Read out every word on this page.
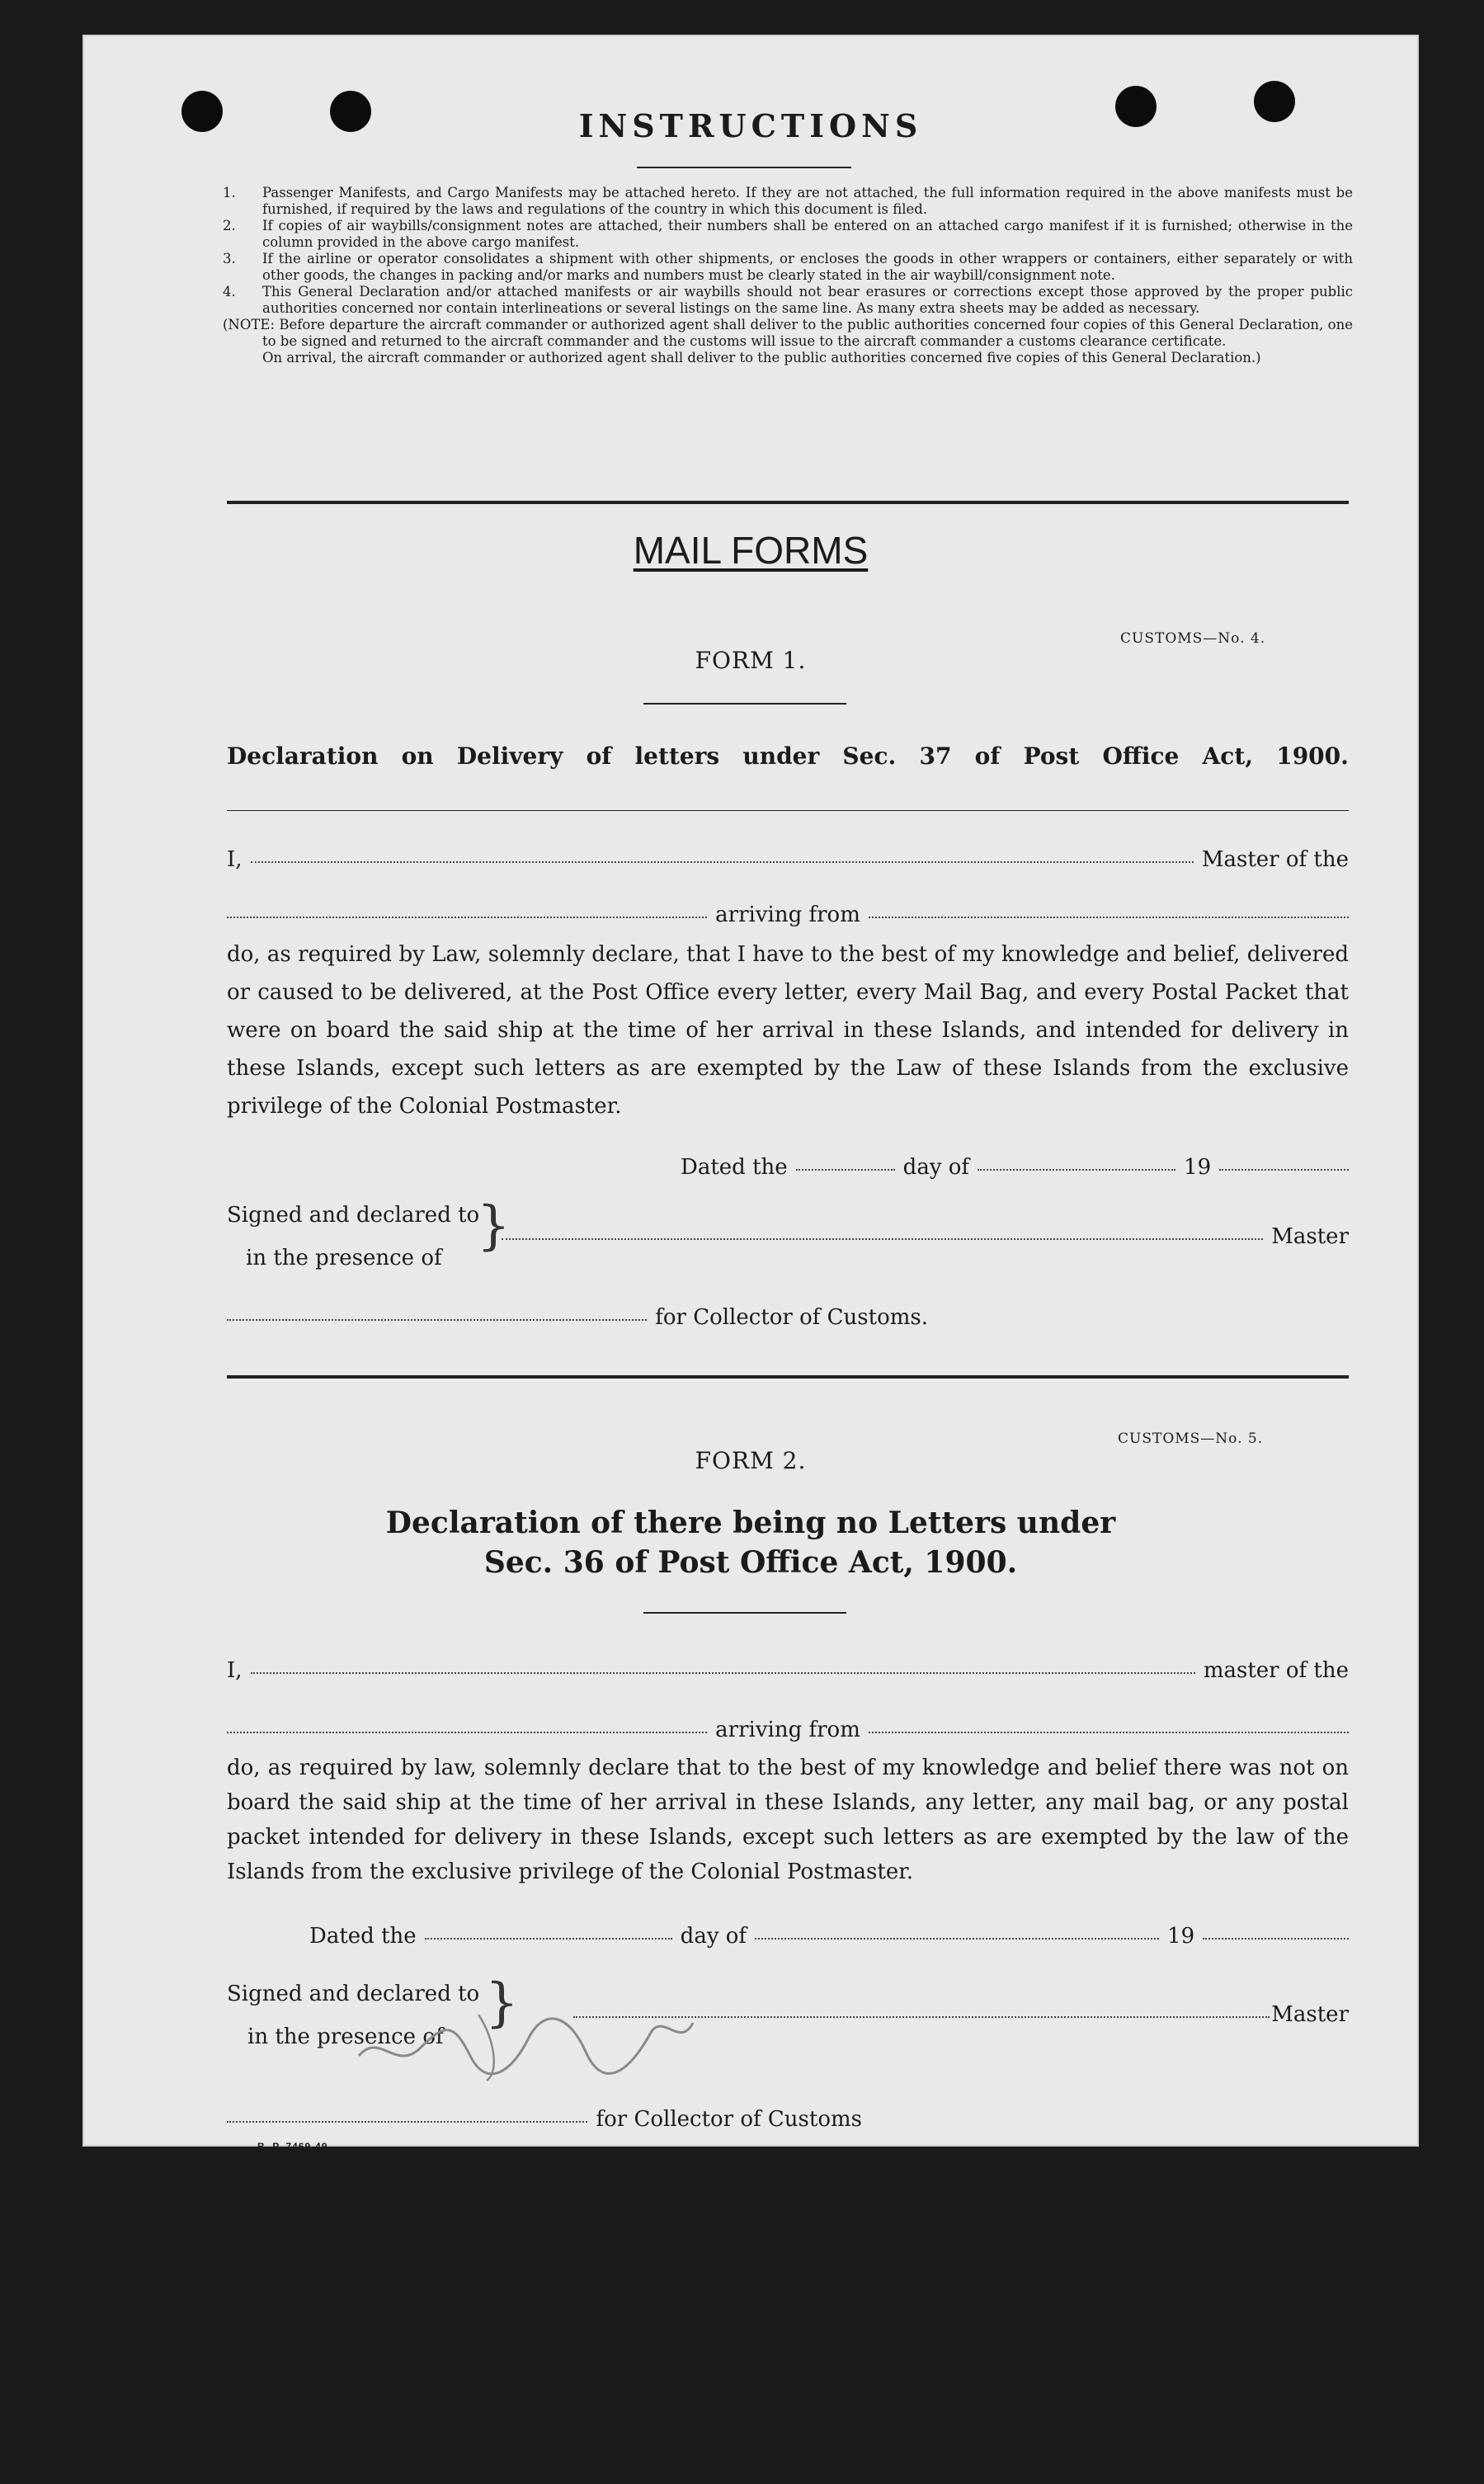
INSTRUCTIONS
1. Passenger Manifests, and Cargo Manifests may be attached hereto. If they are not attached, the full information required in the above manifests must be furnished, if required by the laws and regulations of the country in which this document is filed.
2. If copies of air waybills/consignment notes are attached, their numbers shall be entered on an attached cargo manifest if it is furnished; otherwise in the column provided in the above cargo manifest.
3. If the airline or operator consolidates a shipment with other shipments, or encloses the goods in other wrappers or containers, either separately or with other goods, the changes in packing and/or marks and numbers must be clearly stated in the air waybill/consignment note.
4. This General Declaration and/or attached manifests or air waybills should not bear erasures or corrections except those approved by the proper public authorities concerned nor contain interlineations or several listings on the same line. As many extra sheets may be added as necessary.

(NOTE: Before departure the aircraft commander or authorized agent shall deliver to the public authorities concerned four copies of this General Declaration, one to be signed and returned to the aircraft commander and the customs will issue to the aircraft commander a customs clearance certificate.

On arrival, the aircraft commander or authorized agent shall deliver to the public authorities concerned five copies of this General Declaration.)

MAIL FORMS
CUSTOMS—No. 4.
FORM 1.
Declaration on Delivery of letters under Sec. 37 of Post Office Act, 1900.
I,	Master of the
arriving from
do, as required by Law, solemnly declare, that I have to the best of my knowledge and belief, delivered or caused to be delivered, at the Post Office every letter, every Mail Bag, and every Postal Packet that were on board the said ship at the time of her arrival in these Islands, and intended for delivery in these Islands, except such letters as are exempted by the Law of these Islands from the exclusive privilege of the Colonial Postmaster.
Dated the	day of	19
Signed and declared to
in the presence of
}	Master
for Collector of Customs.
CUSTOMS—No. 5.
FORM 2.
Declaration of there being no Letters under
Sec. 36 of Post Office Act, 1900.
I,	master of the
arriving from
do, as required by law, solemnly declare that to the best of my knowledge and belief there was not on board the said ship at the time of her arrival in these Islands, any letter, any mail bag, or any postal packet intended for delivery in these Islands, except such letters as are exempted by the law of the Islands from the exclusive privilege of the Colonial Postmaster.
Dated the	day of	19
Signed and declared to
in the presence of
}	Master
for Collector of Customs
B. P. 7469-49
